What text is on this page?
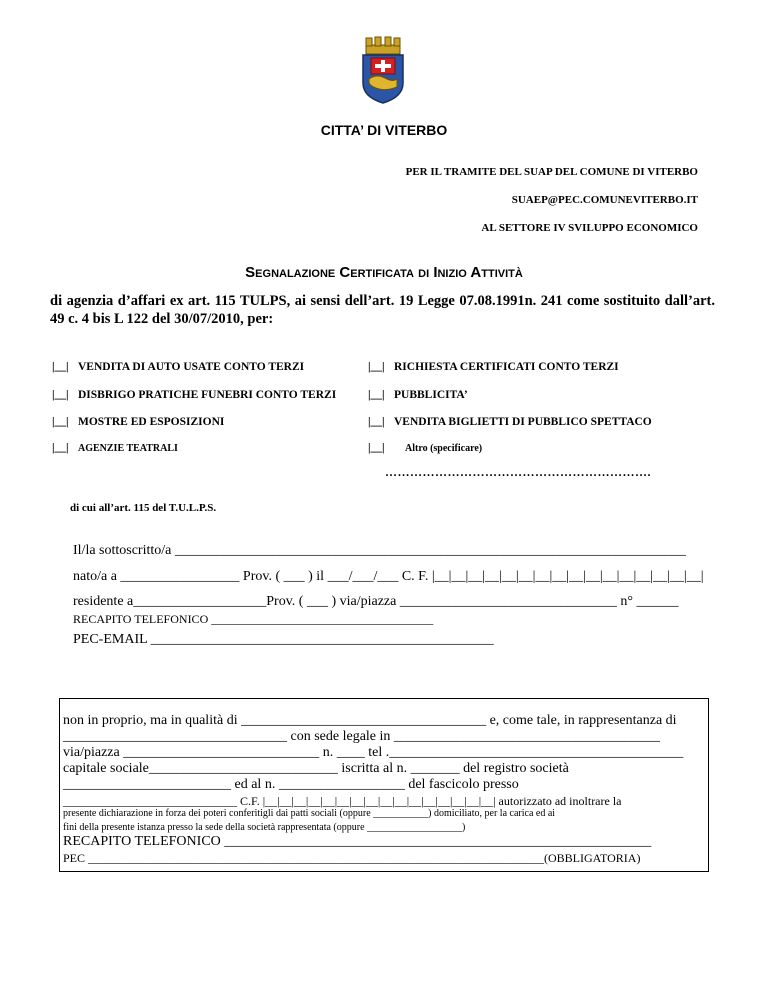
CITTA’ DI VITERBO
PER IL TRAMITE DEL SUAP DEL COMUNE DI VITERBO
SUAEP@PEC.COMUNEVITERBO.IT
AL SETTORE IV SVILUPPO ECONOMICO
Segnalazione Certificata di Inizio Attività
di agenzia d’affari ex art. 115 TULPS, ai sensi dell’art. 19 Legge 07.08.1991n. 241 come sostituito dall’art. 49 c. 4 bis L 122 del 30/07/2010, per:
|__| VENDITA DI AUTO USATE CONTO TERZI
|__| DISBRIGO PRATICHE FUNEBRI CONTO TERZI
|__| MOSTRE ED ESPOSIZIONI
|__| AGENZIE TEATRALI
|__| RICHIESTA CERTIFICATI CONTO TERZI
|__| PUBBLICITA’
|__| VENDITA BIGLIETTI DI PUBBLICO SPETTACO
|__| Altro (specificare)
……………………………………………………….
di cui all’art. 115 del T.U.L.P.S.
Il/la sottoscritto/a _________________________________________________________________________
nato/a a _________________ Prov. ( ___ ) il ___/___/___ C. F. |__|__|__|__|__|__|__|__|__|__|__|__|__|__|__|__|
residente a___________________Prov. ( ___ ) via/piazza _______________________________ n° ______
RECAPITO TELEFONICO _____________________________________
PEC-EMAIL _________________________________________________
non in proprio, ma in qualità di ___________________________________ e, come tale, in rappresentanza di
________________________________ con sede legale in ______________________________________
via/piazza ____________________________ n. ____ tel .__________________________________________
capitale sociale___________________________ iscritta al n. _______ del registro società
________________________ ed al n. __________________ del fascicolo presso
_____________________________ C.F. |__|__|__|__|__|__|__|__|__|__|__|__|__|__|__|__| autorizzato ad inoltrare la
presente dichiarazione in forza dei poteri conferitigli dai patti sociali (oppure ___________) domiciliato, per la carica ed ai
fini della presente istanza presso la sede della società rappresentata (oppure ___________________)
RECAPITO TELEFONICO _____________________________________________________________
PEC ____________________________________________________________________________(OBBLIGATORIA)
